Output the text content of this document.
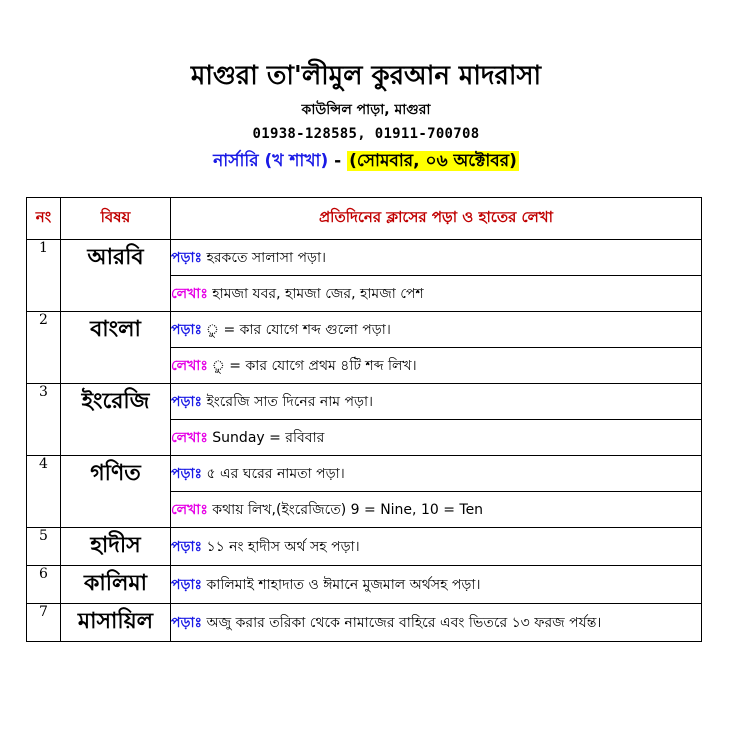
মাগুরা তা'লীমুল কুরআন মাদরাসা
কাউন্সিল পাড়া, মাগুরা
01938-128585, 01911-700708
নার্সারি (খ শাখা) - (সোমবার, ০৬ অক্টোবর)
নং	বিষয়	প্রতিদিনের ক্লাসের পড়া ও হাতের লেখা
1	আরবি	পড়াঃ হরকতে সালাসা পড়া।
		লেখাঃ হামজা যবর, হামজা জের, হামজা পেশ
2	বাংলা	পড়াঃ ু = কার যোগে শব্দ গুলো পড়া।
		লেখাঃ ু = কার যোগে প্রথম ৪টি শব্দ লিখ।
3	ইংরেজি	পড়াঃ ইংরেজি সাত দিনের নাম পড়া।
		লেখাঃ Sunday = রবিবার
4	গণিত	পড়াঃ ৫ এর ঘরের নামতা পড়া।
		লেখাঃ কথায় লিখ,(ইংরেজিতে) 9 = Nine, 10 = Ten
5	হাদীস	পড়াঃ ১১ নং হাদীস অর্থ সহ পড়া।
6	কালিমা	পড়াঃ কালিমাই শাহাদাত ও ঈমানে মুজমাল অর্থসহ পড়া।
7	মাসায়িল	পড়াঃ অজু করার তরিকা থেকে নামাজের বাহিরে এবং ভিতরে ১৩ ফরজ পর্যন্ত।
